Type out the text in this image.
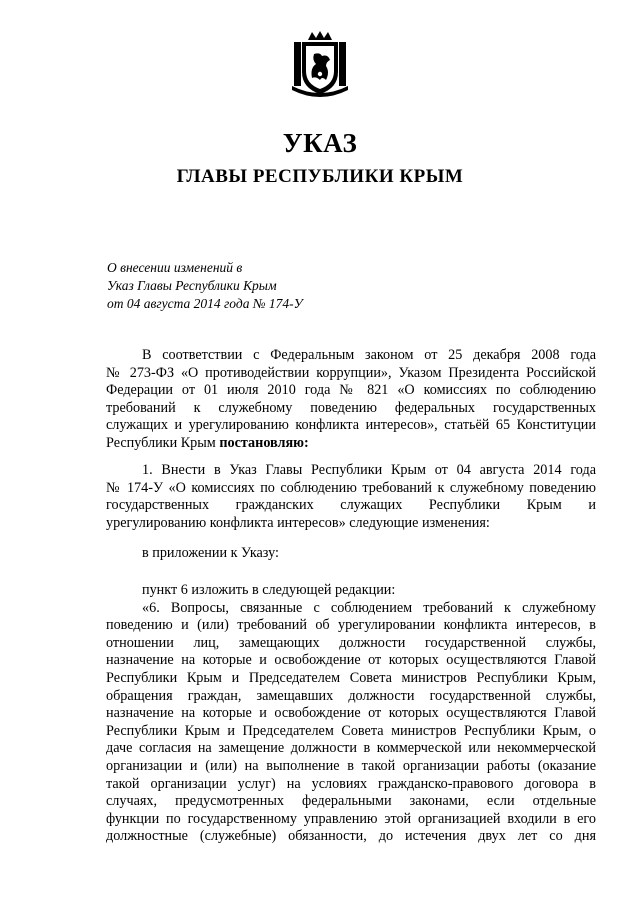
УКАЗ
ГЛАВЫ РЕСПУБЛИКИ КРЫМ
О внесении изменений в
Указ Главы Республики Крым
от 04 августа 2014 года № 174-У
В соответствии с Федеральным законом от 25 декабря 2008 года
№ 273-ФЗ «О противодействии коррупции», Указом Президента Российской
Федерации от 01 июля 2010 года № 821 «О комиссиях по соблюдению
требований к служебному поведению федеральных государственных
служащих и урегулированию конфликта интересов», статьёй 65 Конституции
Республики Крым постановляю:
1. Внести в Указ Главы Республики Крым от 04 августа 2014 года
№ 174-У «О комиссиях по соблюдению требований к служебному поведению
государственных гражданских служащих Республики Крым и
урегулированию конфликта интересов» следующие изменения:
в приложении к Указу:
пункт 6 изложить в следующей редакции:
«6. Вопросы, связанные с соблюдением требований к служебному
поведению и (или) требований об урегулировании конфликта интересов, в
отношении лиц, замещающих должности государственной службы,
назначение на которые и освобождение от которых осуществляются Главой
Республики Крым и Председателем Совета министров Республики Крым,
обращения граждан, замещавших должности государственной службы,
назначение на которые и освобождение от которых осуществляются Главой
Республики Крым и Председателем Совета министров Республики Крым, о
даче согласия на замещение должности в коммерческой или некоммерческой
организации и (или) на выполнение в такой организации работы (оказание
такой организации услуг) на условиях гражданско-правового договора в
случаях, предусмотренных федеральными законами, если отдельные
функции по государственному управлению этой организацией входили в его
должностные (служебные) обязанности, до истечения двух лет со дня
